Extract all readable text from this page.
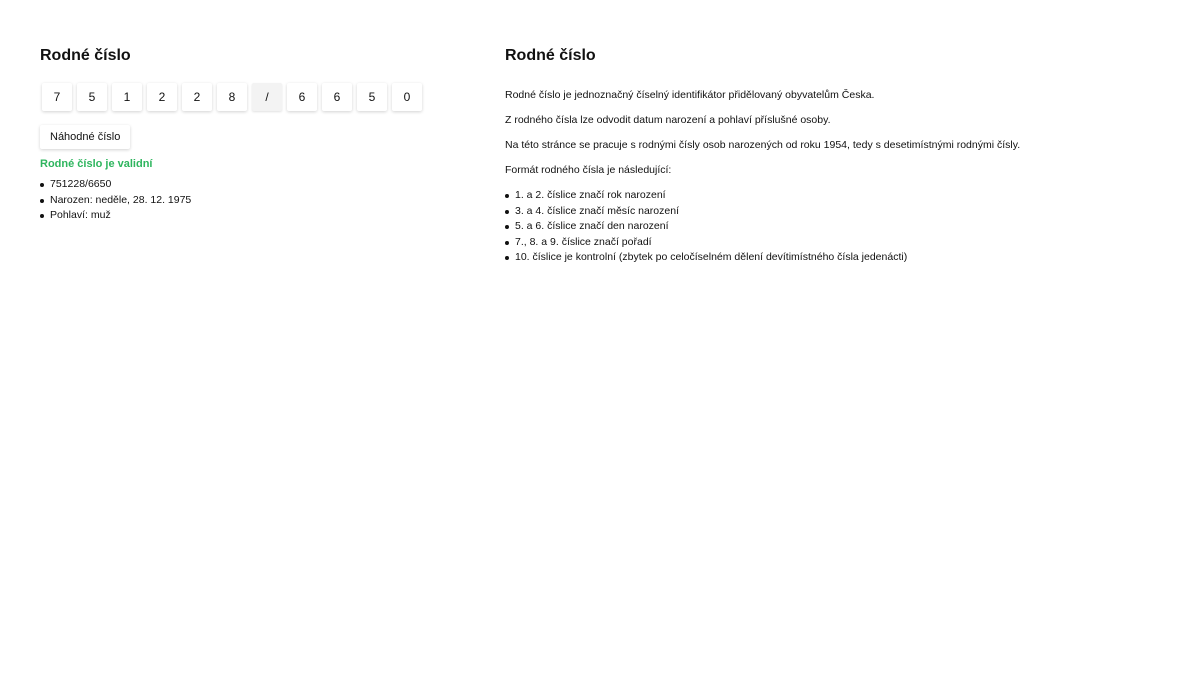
Rodné číslo
7	5	1	2	2	8	/	6	6	5	0
Náhodné číslo
Rodné číslo je validní
751228/6650
Narozen: neděle, 28. 12. 1975
Pohlaví: muž
Rodné číslo

Rodné číslo je jednoznačný číselný identifikátor přidělovaný obyvatelům Česka.

Z rodného čísla lze odvodit datum narození a pohlaví příslušné osoby.

Na této stránce se pracuje s rodnými čísly osob narozených od roku 1954, tedy s desetimístnými rodnými čísly.

Formát rodného čísla je následující:

1. a 2. číslice značí rok narození
3. a 4. číslice značí měsíc narození
5. a 6. číslice značí den narození
7., 8. a 9. číslice značí pořadí
10. číslice je kontrolní (zbytek po celočíselném dělení devítimístného čísla jedenácti)
